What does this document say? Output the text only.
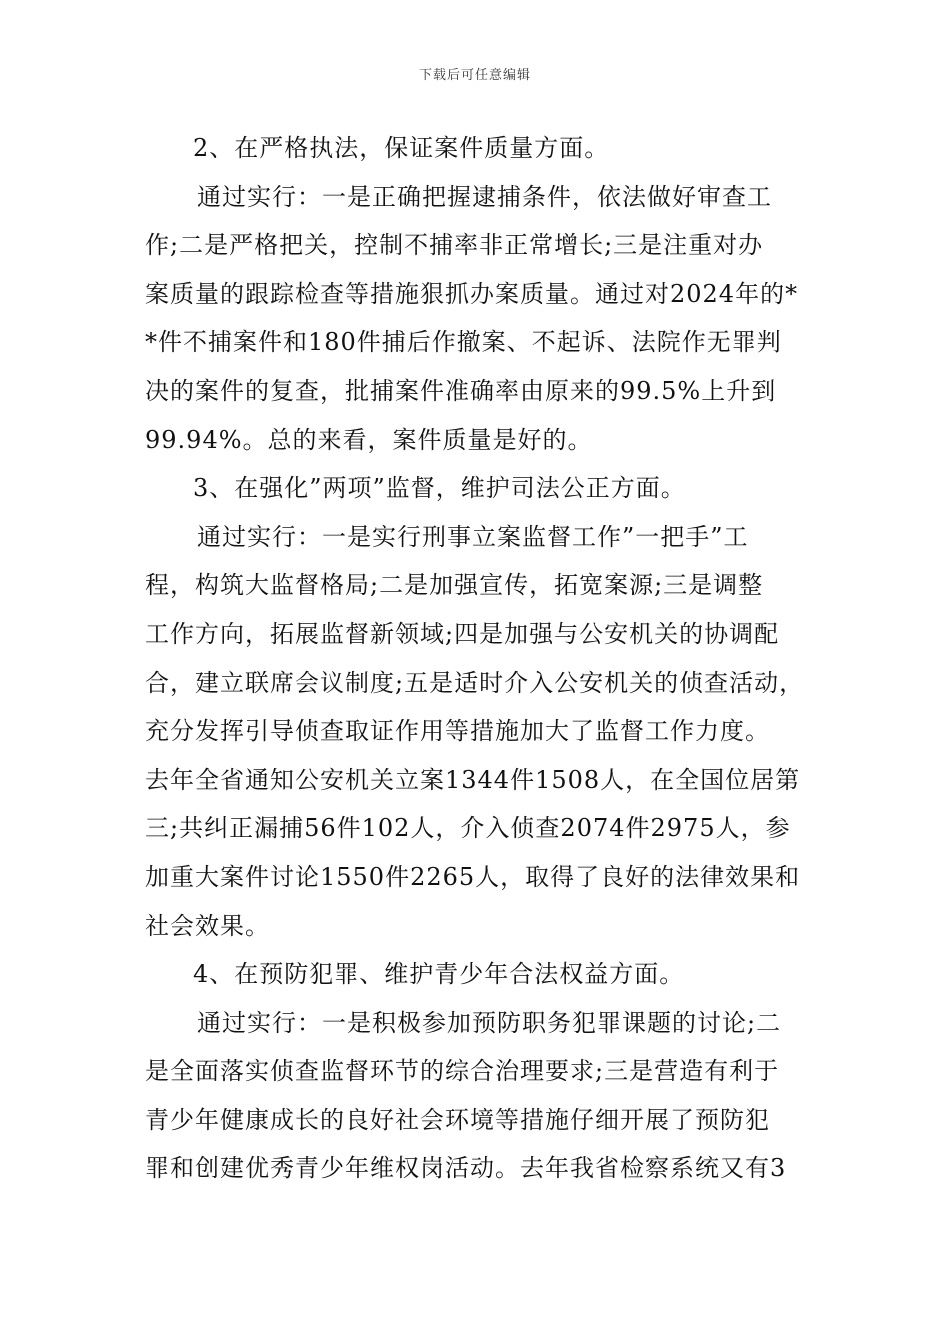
下载后可任意编辑

2、在严格执法，保证案件质量方面。

通过实行：一是正确把握逮捕条件，依法做好审查工
作;二是严格把关，控制不捕率非正常增长;三是注重对办
案质量的跟踪检查等措施狠抓办案质量。通过对2024年的*
*件不捕案件和180件捕后作撤案、不起诉、法院作无罪判
决的案件的复查，批捕案件准确率由原来的99.5%上升到
99.94%。总的来看，案件质量是好的。

3、在强化”两项”监督，维护司法公正方面。

通过实行：一是实行刑事立案监督工作”一把手”工
程，构筑大监督格局;二是加强宣传，拓宽案源;三是调整
工作方向，拓展监督新领域;四是加强与公安机关的协调配
合，建立联席会议制度;五是适时介入公安机关的侦查活动，
充分发挥引导侦查取证作用等措施加大了监督工作力度。
去年全省通知公安机关立案1344件1508人，在全国位居第
三;共纠正漏捕56件102人，介入侦查2074件2975人，参
加重大案件讨论1550件2265人，取得了良好的法律效果和
社会效果。

4、在预防犯罪、维护青少年合法权益方面。

通过实行：一是积极参加预防职务犯罪课题的讨论;二
是全面落实侦查监督环节的综合治理要求;三是营造有利于
青少年健康成长的良好社会环境等措施仔细开展了预防犯
罪和创建优秀青少年维权岗活动。去年我省检察系统又有3
